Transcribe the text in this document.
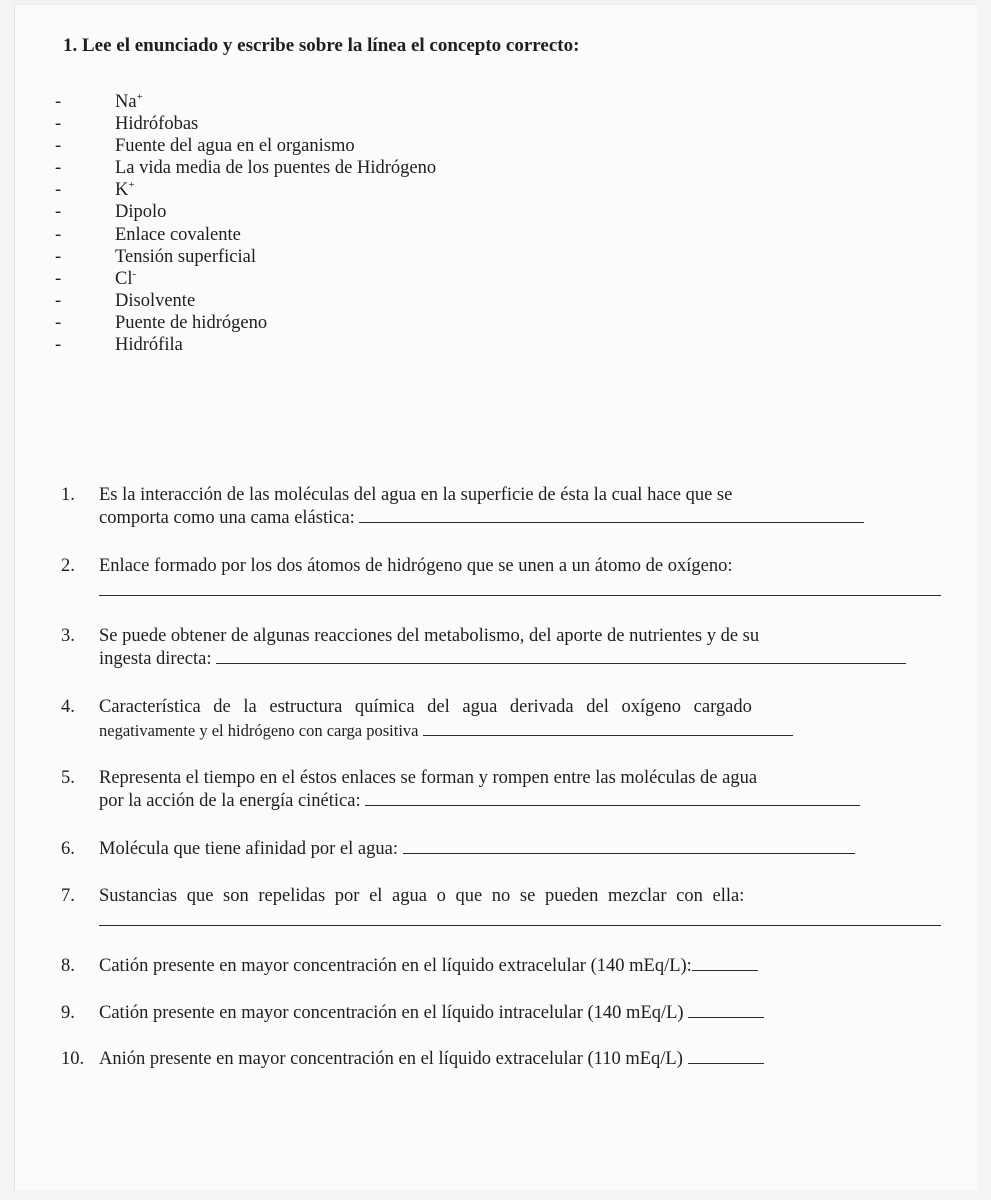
1. Lee el enunciado y escribe sobre la línea el concepto correcto:
-	Na+
-	Hidrófobas
-	Fuente del agua en el organismo
-	La vida media de los puentes de Hidrógeno
-	K+
-	Dipolo
-	Enlace covalente
-	Tensión superficial
-	Cl-
-	Disolvente
-	Puente de hidrógeno
-	Hidrófila
1. Es la interacción de las moléculas del agua en la superficie de ésta la cual hace que se
comporta como una cama elástica:
2. Enlace formado por los dos átomos de hidrógeno que se unen a un átomo de oxígeno:
3. Se puede obtener de algunas reacciones del metabolismo, del aporte de nutrientes y de su
ingesta directa:
4. Característica de la estructura química del agua derivada del oxígeno cargado
negativamente y el hidrógeno con carga positiva
5. Representa el tiempo en el éstos enlaces se forman y rompen entre las moléculas de agua
por la acción de la energía cinética:
6. Molécula que tiene afinidad por el agua:
7. Sustancias que son repelidas por el agua o que no se pueden mezclar con ella:
8. Catión presente en mayor concentración en el líquido extracelular (140 mEq/L):
9. Catión presente en mayor concentración en el líquido intracelular (140 mEq/L)
10. Anión presente en mayor concentración en el líquido extracelular (110 mEq/L)
